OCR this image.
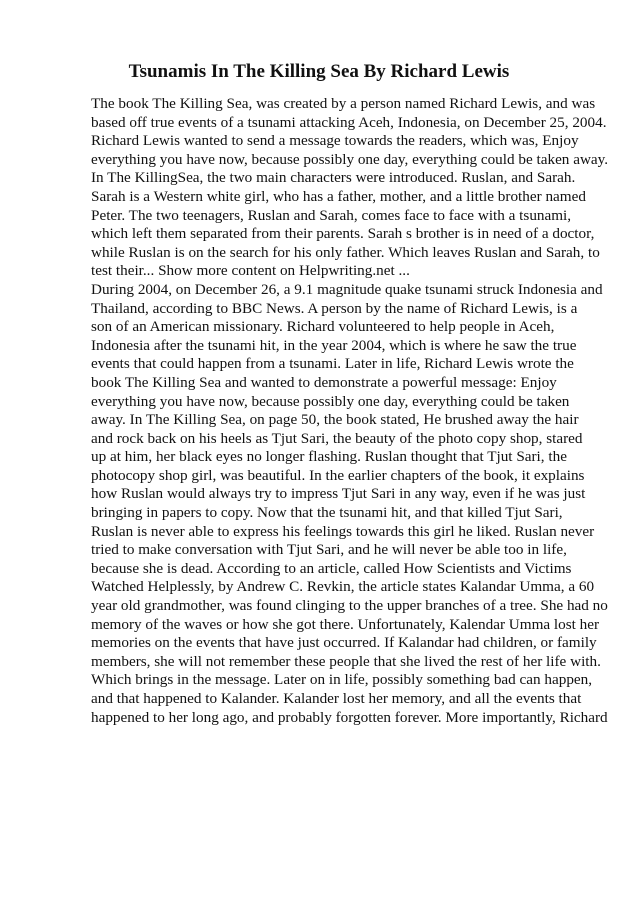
Tsunamis In The Killing Sea By Richard Lewis
The book The Killing Sea, was created by a person named Richard Lewis, and was
based off true events of a tsunami attacking Aceh, Indonesia, on December 25, 2004.
Richard Lewis wanted to send a message towards the readers, which was, Enjoy
everything you have now, because possibly one day, everything could be taken away.
In The KillingSea, the two main characters were introduced. Ruslan, and Sarah.
Sarah is a Western white girl, who has a father, mother, and a little brother named
Peter. The two teenagers, Ruslan and Sarah, comes face to face with a tsunami,
which left them separated from their parents. Sarah s brother is in need of a doctor,
while Ruslan is on the search for his only father. Which leaves Ruslan and Sarah, to
test their... Show more content on Helpwriting.net ...
During 2004, on December 26, a 9.1 magnitude quake tsunami struck Indonesia and
Thailand, according to BBC News. A person by the name of Richard Lewis, is a
son of an American missionary. Richard volunteered to help people in Aceh,
Indonesia after the tsunami hit, in the year 2004, which is where he saw the true
events that could happen from a tsunami. Later in life, Richard Lewis wrote the
book The Killing Sea and wanted to demonstrate a powerful message: Enjoy
everything you have now, because possibly one day, everything could be taken
away. In The Killing Sea, on page 50, the book stated, He brushed away the hair
and rock back on his heels as Tjut Sari, the beauty of the photo copy shop, stared
up at him, her black eyes no longer flashing. Ruslan thought that Tjut Sari, the
photocopy shop girl, was beautiful. In the earlier chapters of the book, it explains
how Ruslan would always try to impress Tjut Sari in any way, even if he was just
bringing in papers to copy. Now that the tsunami hit, and that killed Tjut Sari,
Ruslan is never able to express his feelings towards this girl he liked. Ruslan never
tried to make conversation with Tjut Sari, and he will never be able too in life,
because she is dead. According to an article, called How Scientists and Victims
Watched Helplessly, by Andrew C. Revkin, the article states Kalandar Umma, a 60
year old grandmother, was found clinging to the upper branches of a tree. She had no
memory of the waves or how she got there. Unfortunately, Kalendar Umma lost her
memories on the events that have just occurred. If Kalandar had children, or family
members, she will not remember these people that she lived the rest of her life with.
Which brings in the message. Later on in life, possibly something bad can happen,
and that happened to Kalander. Kalander lost her memory, and all the events that
happened to her long ago, and probably forgotten forever. More importantly, Richard
